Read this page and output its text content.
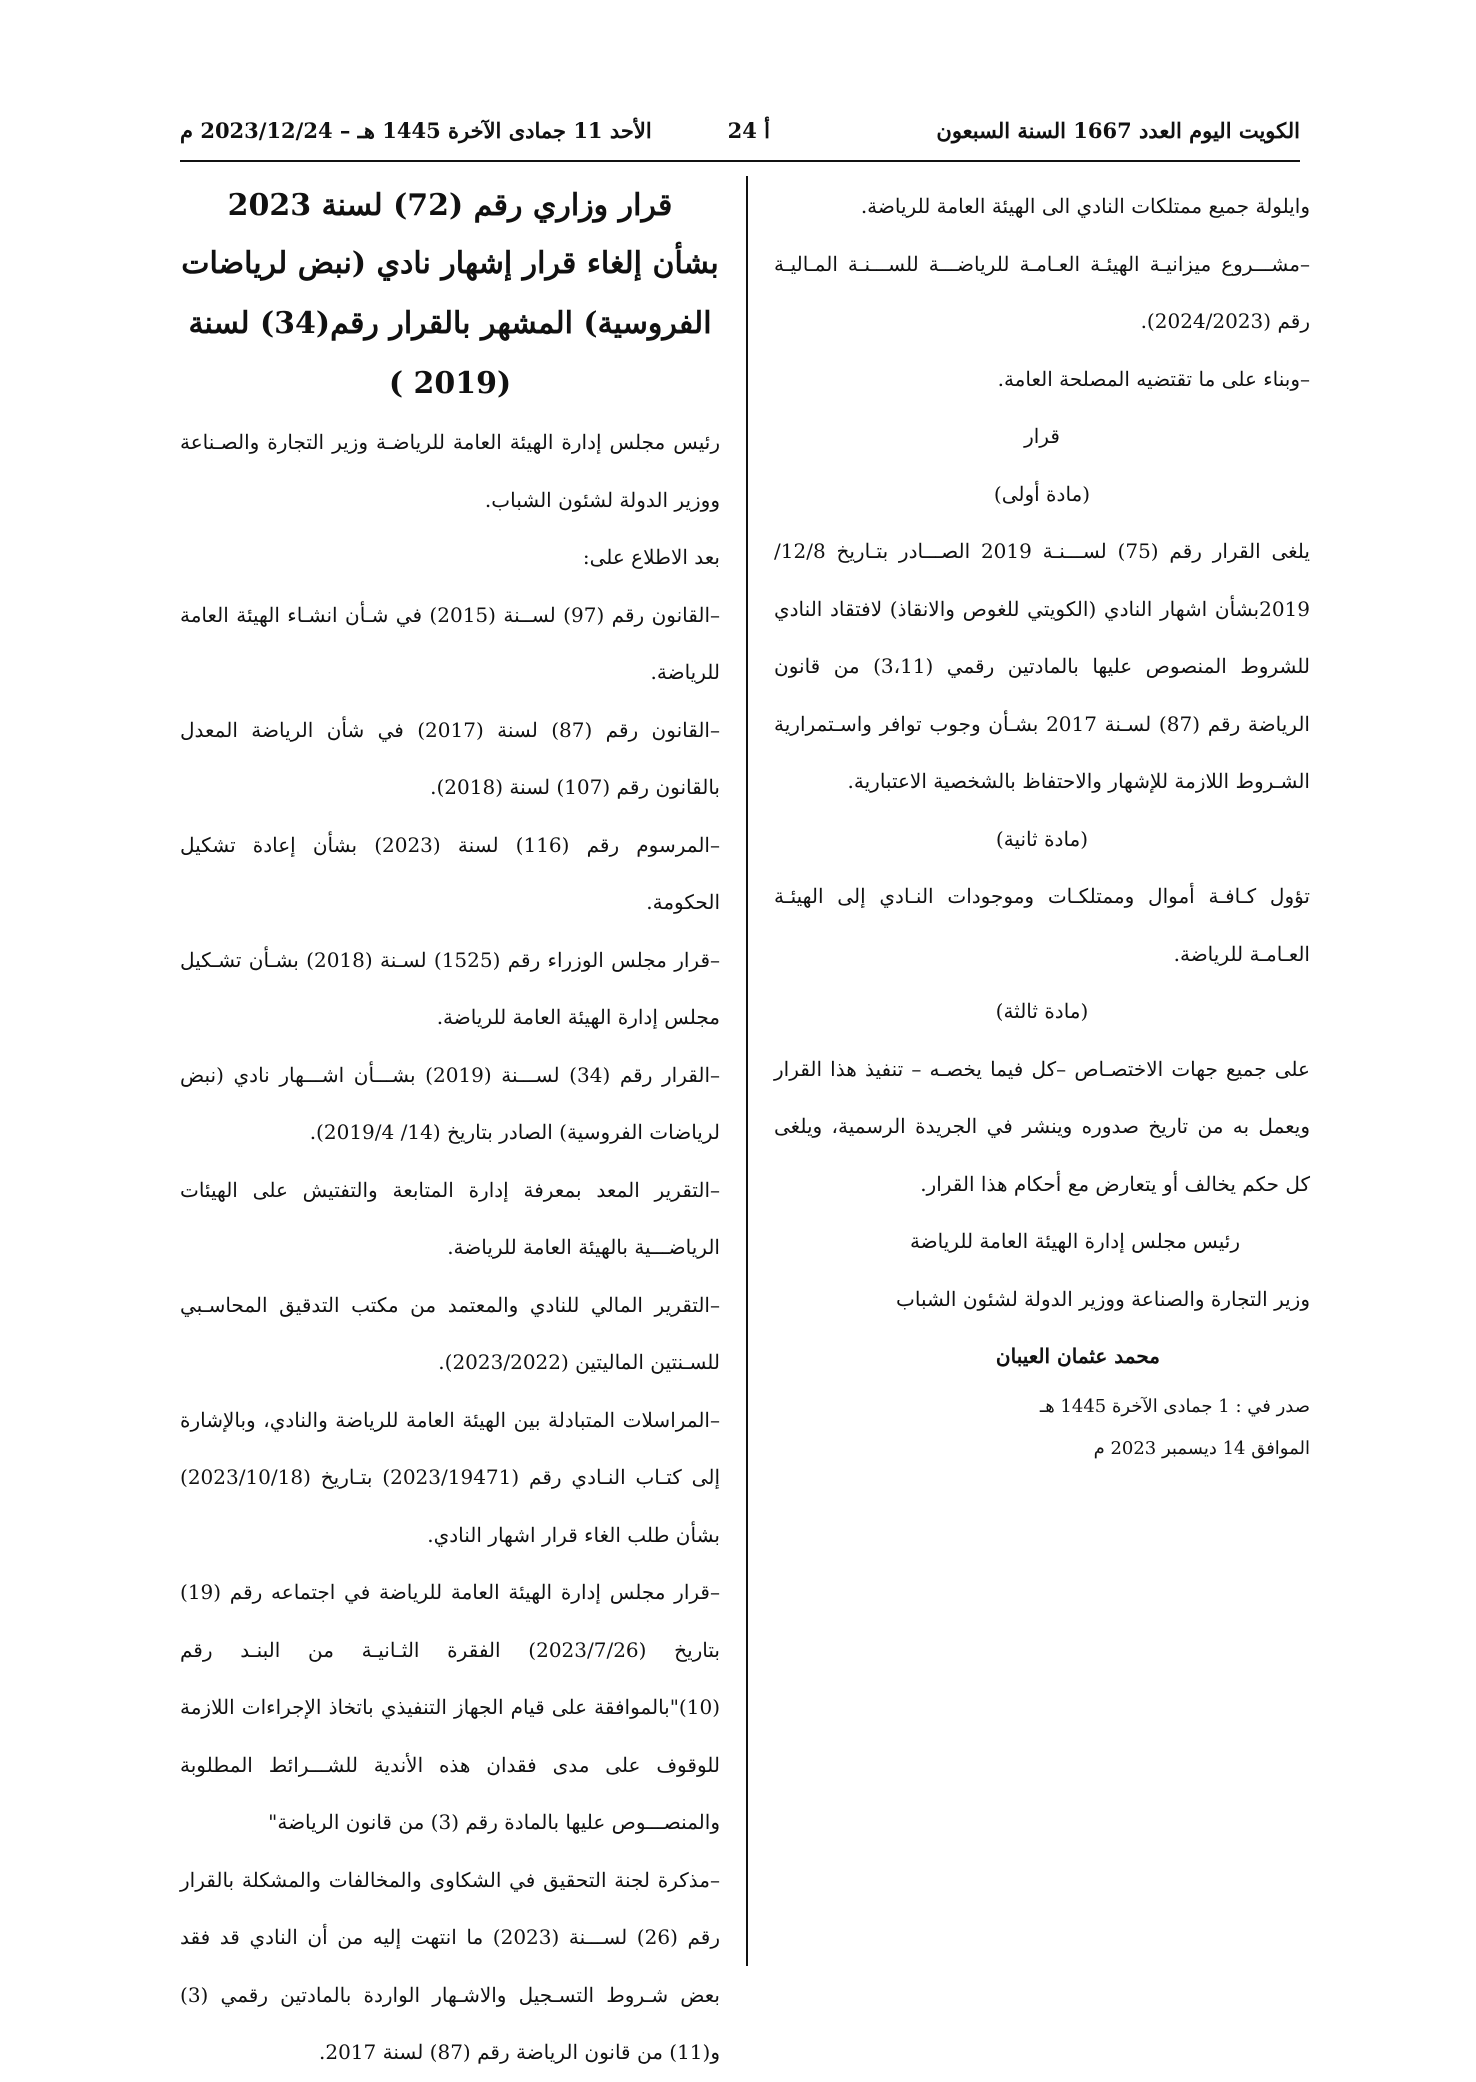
الكويت اليوم العدد 1667 السنة السبعون
أ 24
الأحد 11 جمادى الآخرة 1445 هـ – 2023/12/24 م

وايلولة جميع ممتلكات النادي الى الهيئة العامة للرياضة.

–مشـــروع ميزانيـة الهيئـة العـامـة للرياضـــة للســـنـة المـاليـة رقم (2024/2023).

–وبناء على ما تقتضيه المصلحة العامة.

قرار

(مادة أولى)

يلغى القرار رقم (75) لســـنـة 2019 الصـــادر بتـاريخ 12/8/ 2019بشأن اشهار النادي (الكويتي للغوص والانقاذ) لافتقاد النادي للشروط المنصوص عليها بالمادتين رقمي (3،11) من قانون الرياضة رقم (87) لسـنة 2017 بشـأن وجوب توافر واسـتمرارية الشـروط اللازمة للإشهار والاحتفاظ بالشخصية الاعتبارية.

(مادة ثانية)

تؤول كـافـة أموال وممتلكـات وموجودات النـادي إلى الهيئـة العـامـة للرياضة.

(مادة ثالثة)

على جميع جهات الاختصـاص –كل فيما يخصـه – تنفيذ هذا القرار ويعمل به من تاريخ صدوره وينشر في الجريدة الرسمية، ويلغى كل حكم يخالف أو يتعارض مع أحكام هذا القرار.

رئيس مجلس إدارة الهيئة العامة للرياضة

وزير التجارة والصناعة ووزير الدولة لشئون الشباب

محمد عثمان العيبان

صدر في : 1 جمادى الآخرة 1445 هـ

الموافق 14 ديسمبر 2023 م

قرار وزاري رقم (72) لسنة 2023

بشأن إلغاء قرار إشهار نادي (نبض لرياضات الفروسية) المشهر بالقرار رقم(34) لسنة (2019 )

رئيس مجلس إدارة الهيئة العامة للرياضـة وزير التجارة والصـناعة ووزير الدولة لشئون الشباب.

بعد الاطلاع على:

–القانون رقم (97) لســنة (2015) في شـأن انشـاء الهيئة العامة للرياضة.

–القانون رقم (87) لسنة (2017) في شأن الرياضة المعدل بالقانون رقم (107) لسنة (2018).

–المرسوم رقم (116) لسنة (2023) بشأن إعادة تشكيل الحكومة.

–قرار مجلس الوزراء رقم (1525) لسـنة (2018) بشـأن تشـكيل مجلس إدارة الهيئة العامة للرياضة.

–القرار رقم (34) لســـنة (2019) بشـــأن اشـــهار نادي (نبض لرياضات الفروسية) الصادر بتاريخ (14/ 2019/4).

–التقرير المعد بمعرفة إدارة المتابعة والتفتيش على الهيئات الرياضـــية بالهيئة العامة للرياضة.

–التقرير المالي للنادي والمعتمد من مكتب التدقيق المحاسـبي للسـنتين الماليتين (2023/2022).

–المراسلات المتبادلة بين الهيئة العامة للرياضة والنادي، وبالإشارة إلى كتـاب النـادي رقم (2023/19471) بتـاريخ (2023/10/18) بشأن طلب الغاء قرار اشهار النادي.

–قرار مجلس إدارة الهيئة العامة للرياضة في اجتماعه رقم (19) بتاريخ (2023/7/26) الفقرة الثـانيـة من البنـد رقم (10)"بالموافقة على قيام الجهاز التنفيذي باتخاذ الإجراءات اللازمة للوقوف على مدى فقدان هذه الأندية للشـــرائط المطلوبة والمنصـــوص عليها بالمادة رقم (3) من قانون الرياضة"

–مذكرة لجنة التحقيق في الشكاوى والمخالفات والمشكلة بالقرار رقم (26) لســـنة (2023) ما انتهت إليه من أن النادي قد فقد بعض شـروط التسـجيل والاشـهار الواردة بالمادتين رقمي (3) و(11) من قانون الرياضة رقم (87) لسنة 2017.
